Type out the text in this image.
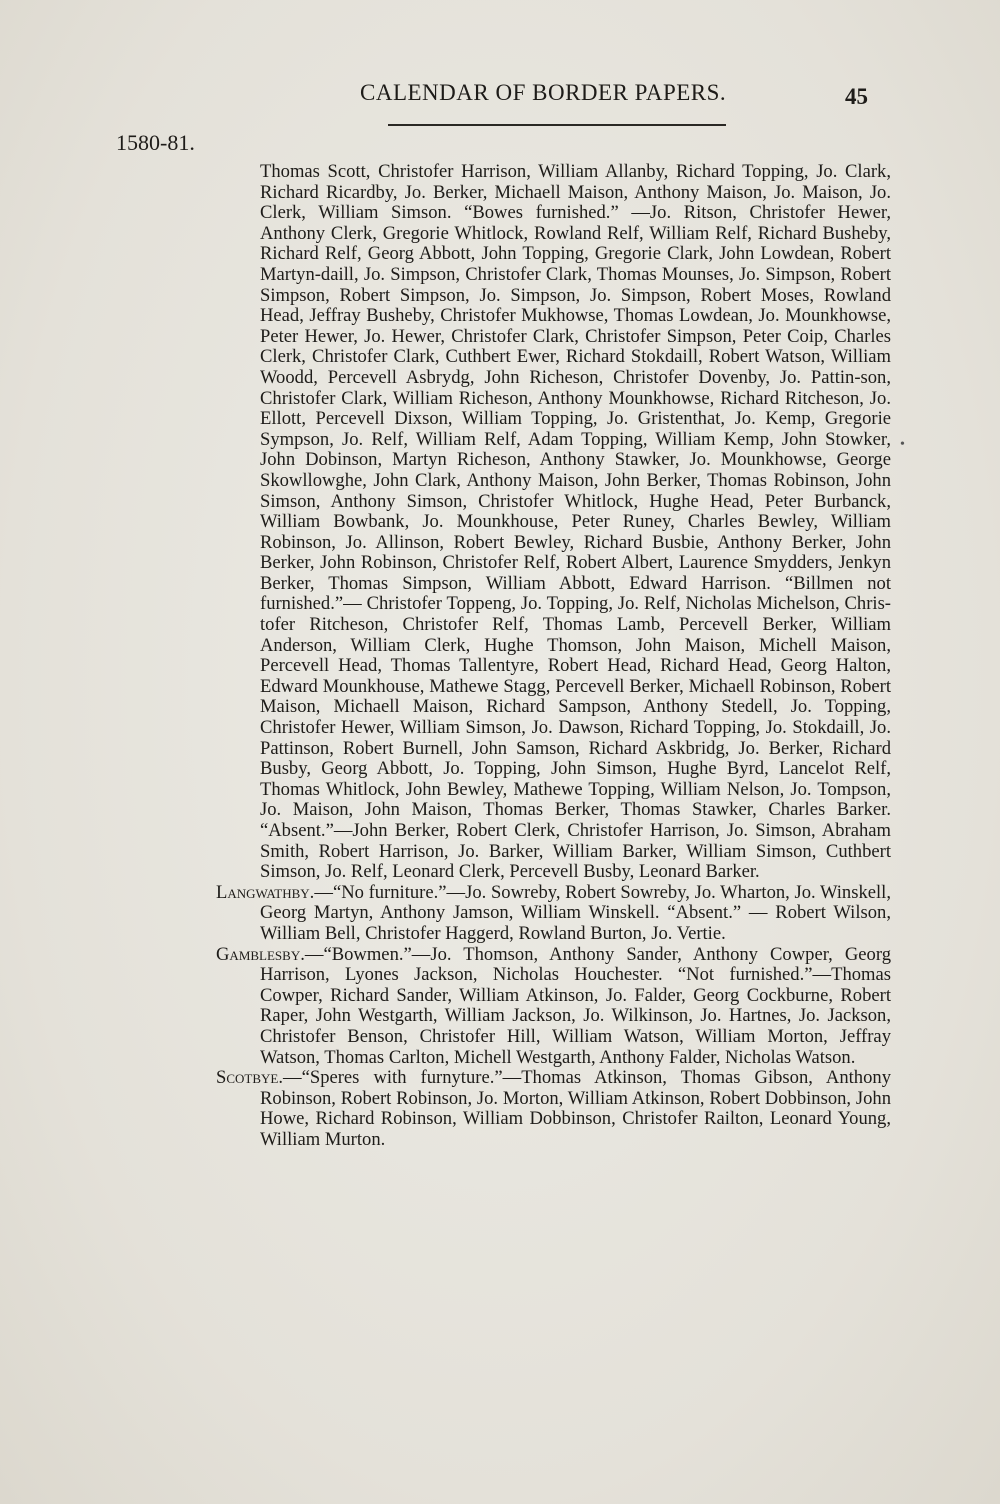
CALENDAR OF BORDER PAPERS.	45
1580-81.
•

Thomas Scott, Christofer Harrison, William Allanby, Richard Topping, Jo. Clark, Richard Ricardby, Jo. Berker, Michaell Maison, Anthony Maison, Jo. Maison, Jo. Clerk, William Simson. “Bowes furnished.” —Jo. Ritson, Christofer Hewer, Anthony Clerk, Gregorie Whitlock, Rowland Relf, William Relf, Richard Busheby, Richard Relf, Georg Abbott, John Topping, Gregorie Clark, John Lowdean, Robert Martyn-daill, Jo. Simpson, Christofer Clark, Thomas Mounses, Jo. Simpson, Robert Simpson, Robert Simpson, Jo. Simpson, Jo. Simpson, Robert Moses, Rowland Head, Jeffray Busheby, Christofer Mukhowse, Thomas Lowdean, Jo. Mounkhowse, Peter Hewer, Jo. Hewer, Christofer Clark, Christofer Simpson, Peter Coip, Charles Clerk, Christofer Clark, Cuthbert Ewer, Richard Stokdaill, Robert Watson, William Woodd, Percevell Asbrydg, John Richeson, Christofer Dovenby, Jo. Pattin-son, Christofer Clark, William Richeson, Anthony Mounkhowse, Richard Ritcheson, Jo. Ellott, Percevell Dixson, William Topping, Jo. Gristenthat, Jo. Kemp, Gregorie Sympson, Jo. Relf, William Relf, Adam Topping, William Kemp, John Stowker, John Dobinson, Martyn Richeson, Anthony Stawker, Jo. Mounkhowse, George Skowllowghe, John Clark, Anthony Maison, John Berker, Thomas Robinson, John Simson, Anthony Simson, Christofer Whitlock, Hughe Head, Peter Burbanck, William Bowbank, Jo. Mounkhouse, Peter Runey, Charles Bewley, William Robinson, Jo. Allinson, Robert Bewley, Richard Busbie, Anthony Berker, John Berker, John Robinson, Christofer Relf, Robert Albert, Laurence Smydders, Jenkyn Berker, Thomas Simpson, William Abbott, Edward Harrison. “Billmen not furnished.”— Christofer Toppeng, Jo. Topping, Jo. Relf, Nicholas Michelson, Chris-tofer Ritcheson, Christofer Relf, Thomas Lamb, Percevell Berker, William Anderson, William Clerk, Hughe Thomson, John Maison, Michell Maison, Percevell Head, Thomas Tallentyre, Robert Head, Richard Head, Georg Halton, Edward Mounkhouse, Mathewe Stagg, Percevell Berker, Michaell Robinson, Robert Maison, Michaell Maison, Richard Sampson, Anthony Stedell, Jo. Topping, Christofer Hewer, William Simson, Jo. Dawson, Richard Topping, Jo. Stokdaill, Jo. Pattinson, Robert Burnell, John Samson, Richard Askbridg, Jo. Berker, Richard Busby, Georg Abbott, Jo. Topping, John Simson, Hughe Byrd, Lancelot Relf, Thomas Whitlock, John Bewley, Mathewe Topping, William Nelson, Jo. Tompson, Jo. Maison, John Maison, Thomas Berker, Thomas Stawker, Charles Barker. “Absent.”—John Berker, Robert Clerk, Christofer Harrison, Jo. Simson, Abraham Smith, Robert Harrison, Jo. Barker, William Barker, William Simson, Cuthbert Simson, Jo. Relf, Leonard Clerk, Percevell Busby, Leonard Barker.

Langwathby.—“No furniture.”—Jo. Sowreby, Robert Sowreby, Jo. Wharton, Jo. Winskell, Georg Martyn, Anthony Jamson, William Winskell. “Absent.” — Robert Wilson, William Bell, Christofer Haggerd, Rowland Burton, Jo. Vertie.

Gamblesby.—“Bowmen.”—Jo. Thomson, Anthony Sander, Anthony Cowper, Georg Harrison, Lyones Jackson, Nicholas Houchester. “Not furnished.”—Thomas Cowper, Richard Sander, William Atkinson, Jo. Falder, Georg Cockburne, Robert Raper, John Westgarth, William Jackson, Jo. Wilkinson, Jo. Hartnes, Jo. Jackson, Christofer Benson, Christofer Hill, William Watson, William Morton, Jeffray Watson, Thomas Carlton, Michell Westgarth, Anthony Falder, Nicholas Watson.

Scotbye.—“Speres with furnyture.”—Thomas Atkinson, Thomas Gibson, Anthony Robinson, Robert Robinson, Jo. Morton, William Atkinson, Robert Dobbinson, John Howe, Richard Robinson, William Dobbinson, Christofer Railton, Leonard Young, William Murton.
